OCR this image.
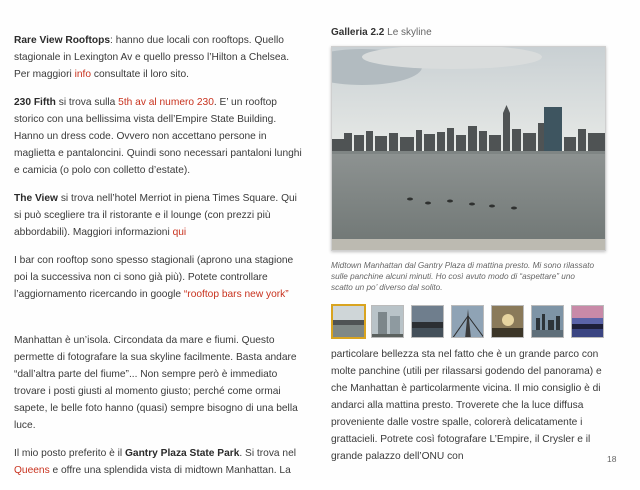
Rare View Rooftops: hanno due locali con rooftops. Quello stagionale in Lexington Av e quello presso l’Hilton a Chelsea. Per maggiori info consultate il loro sito.

230 Fifth si trova sulla 5th av al numero 230. E’ un rooftop storico con una bellissima vista dell’Empire State Building. Hanno un dress code. Ovvero non accettano persone in maglietta e pantaloncini. Quindi sono necessari pantaloni lunghi e camicia (o polo con colletto d’estate).

The View si trova nell’hotel Merriot in piena Times Square. Qui si può scegliere tra il ristorante e il lounge (con prezzi più abbordabili). Maggiori informazioni qui

I bar con rooftop sono spesso stagionali (aprono una stagione poi la successiva non ci sono già più). Potete controllare l’aggiornamento ricercando in google “rooftop bars new york”

Manhattan è un’isola. Circondata da mare e fiumi. Questo permette di fotografare la sua skyline facilmente. Basta andare “dall’altra parte del fiume”... Non sempre però è immediato trovare i posti giusti al momento giusto; perché come ormai sapete, le belle foto hanno (quasi) sempre bisogno di una bella luce.

Il mio posto preferito è il Gantry Plaza State Park. Si trova nel Queens e offre una splendida vista di midtown Manhattan. La

Galleria 2.2 Le skyline

Midtown Manhattan dal Gantry Plaza di mattina presto. Mi sono rilassato sulle panchine alcuni minuti. Ho così avuto modo di “aspettare” uno scatto un po’ diverso dal solito.

particolare bellezza sta nel fatto che è un grande parco con molte panchine (utili per rilassarsi godendo del panorama) e che Manhattan è particolarmente vicina. Il mio consiglio è di andarci alla mattina presto. Troverete che la luce diffusa proveniente dalle vostre spalle, colorerà delicatamente i grattacieli. Potrete così fotografare L’Empire, il Crysler e il grande palazzo dell’ONU con	18
